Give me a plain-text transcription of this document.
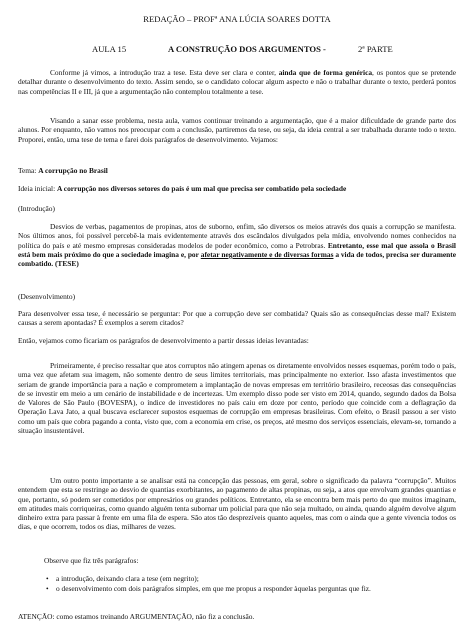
REDAÇÃO – PROFª ANA LÚCIA SOARES DOTTA
AULA 15	A CONSTRUÇÃO DOS ARGUMENTOS -	2ª PARTE

Conforme já vimos, a introdução traz a tese. Esta deve ser clara e conter, ainda que de forma genérica, os pontos que se pretende detalhar durante o desenvolvimento do texto. Assim sendo, se o candidato colocar algum aspecto e não o trabalhar durante o texto, perderá pontos nas competências II e III, já que a argumentação não contemplou totalmente a tese.

Visando a sanar esse problema, nesta aula, vamos continuar treinando a argumentação, que é a maior dificuldade de grande parte dos alunos. Por enquanto, não vamos nos preocupar com a conclusão, partiremos da tese, ou seja, da ideia central a ser trabalhada durante todo o texto. Proporei, então, uma tese de tema e farei dois parágrafos de desenvolvimento. Vejamos:

Tema: A corrupção no Brasil
Ideia inicial: A corrupção nos diversos setores do país é um mal que precisa ser combatido pela sociedade
(Introdução)

Desvios de verbas, pagamentos de propinas, atos de suborno, enfim, são diversos os meios através dos quais a corrupção se manifesta. Nos últimos anos, foi possível percebê-la mais evidentemente através dos escândalos divulgados pela mídia, envolvendo nomes conhecidos na política do país e até mesmo empresas consideradas modelos de poder econômico, como a Petrobras. Entretanto, esse mal que assola o Brasil está bem mais próximo do que a sociedade imagina e, por afetar negativamente e de diversas formas a vida de todos, precisa ser duramente combatido. (TESE)

(Desenvolvimento)

Para desenvolver essa tese, é necessário se perguntar: Por que a corrupção deve ser combatida? Quais são as consequências desse mal? Existem causas a serem apontadas? É exemplos a serem citados?

Então, vejamos como ficariam os parágrafos de desenvolvimento a partir dessas ideias levantadas:

Primeiramente, é preciso ressaltar que atos corruptos não atingem apenas os diretamente envolvidos nesses esquemas, porém todo o país, uma vez que afetam sua imagem, não somente dentro de seus limites territoriais, mas principalmente no exterior. Isso afasta investimentos que seriam de grande importância para a nação e comprometem a implantação de novas empresas em território brasileiro, receosas das consequências de se investir em meio a um cenário de instabilidade e de incertezas. Um exemplo disso pode ser visto em 2014, quando, segundo dados da Bolsa de Valores de São Paulo (BOVESPA), o índice de investidores no país caiu em doze por cento, período que coincide com a deflagração da Operação Lava Jato, a qual buscava esclarecer supostos esquemas de corrupção em empresas brasileiras. Com efeito, o Brasil passou a ser visto como um país que cobra pagando a conta, visto que, com a economia em crise, os preços, até mesmo dos serviços essenciais, elevam-se, tornando a situação insustentável.

Um outro ponto importante a se analisar está na concepção das pessoas, em geral, sobre o significado da palavra “corrupção”. Muitos entendem que esta se restringe ao desvio de quantias exorbitantes, ao pagamento de altas propinas, ou seja, a atos que envolvam grandes quantias e que, portanto, só podem ser cometidos por empresários ou grandes políticos. Entretanto, ela se encontra bem mais perto do que muitos imaginam, em atitudes mais corriqueiras, como quando alguém tenta subornar um policial para que não seja multado, ou ainda, quando alguém devolve algum dinheiro extra para passar à frente em uma fila de espera. São atos tão desprezíveis quanto aqueles, mas com o ainda que a gente vivencia todos os dias, e que ocorrem, todos os dias, milhares de vezes.

Observe que fiz três parágrafos:
• a introdução, deixando clara a tese (em negrito);
• o desenvolvimento com dois parágrafos simples, em que me propus a responder àquelas perguntas que fiz.
ATENÇÃO: como estamos treinando ARGUMENTAÇÃO, não fiz a conclusão.
